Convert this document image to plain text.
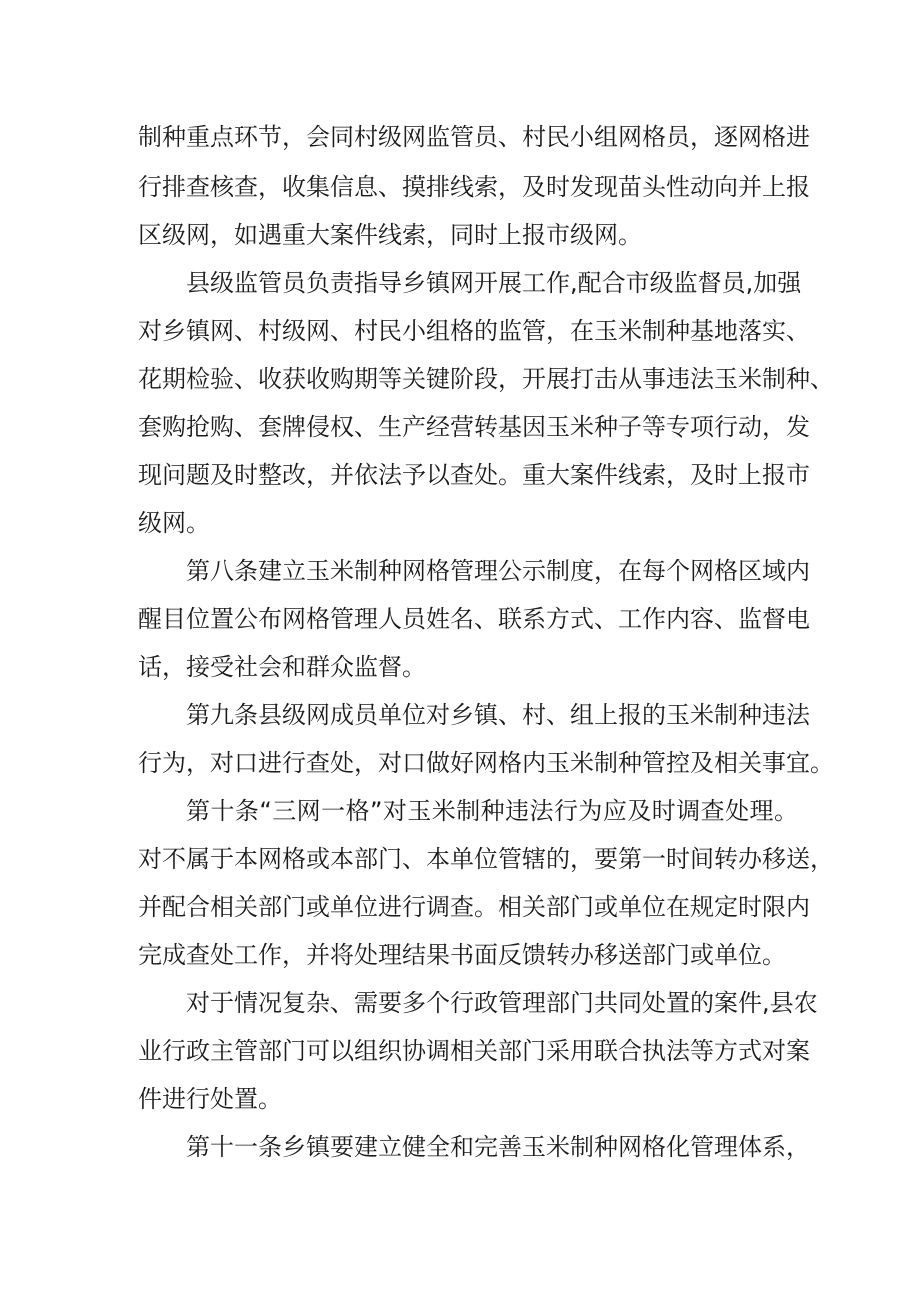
制种重点环节，会同村级网监管员、村民小组网格员，逐网格进
行排查核查，收集信息、摸排线索，及时发现苗头性动向并上报
区级网，如遇重大案件线索，同时上报市级网。
县级监管员负责指导乡镇网开展工作,配合市级监督员,加强
对乡镇网、村级网、村民小组格的监管，在玉米制种基地落实、
花期检验、收获收购期等关键阶段，开展打击从事违法玉米制种、
套购抢购、套牌侵权、生产经营转基因玉米种子等专项行动，发
现问题及时整改，并依法予以查处。重大案件线索，及时上报市
级网。
第八条建立玉米制种网格管理公示制度，在每个网格区域内
醒目位置公布网格管理人员姓名、联系方式、工作内容、监督电
话，接受社会和群众监督。
第九条县级网成员单位对乡镇、村、组上报的玉米制种违法
行为，对口进行查处，对口做好网格内玉米制种管控及相关事宜。
第十条“三网一格”对玉米制种违法行为应及时调查处理。
对不属于本网格或本部门、本单位管辖的，要第一时间转办移送，
并配合相关部门或单位进行调查。相关部门或单位在规定时限内
完成查处工作，并将处理结果书面反馈转办移送部门或单位。
对于情况复杂、需要多个行政管理部门共同处置的案件,县农
业行政主管部门可以组织协调相关部门采用联合执法等方式对案
件进行处置。
第十一条乡镇要建立健全和完善玉米制种网格化管理体系，
